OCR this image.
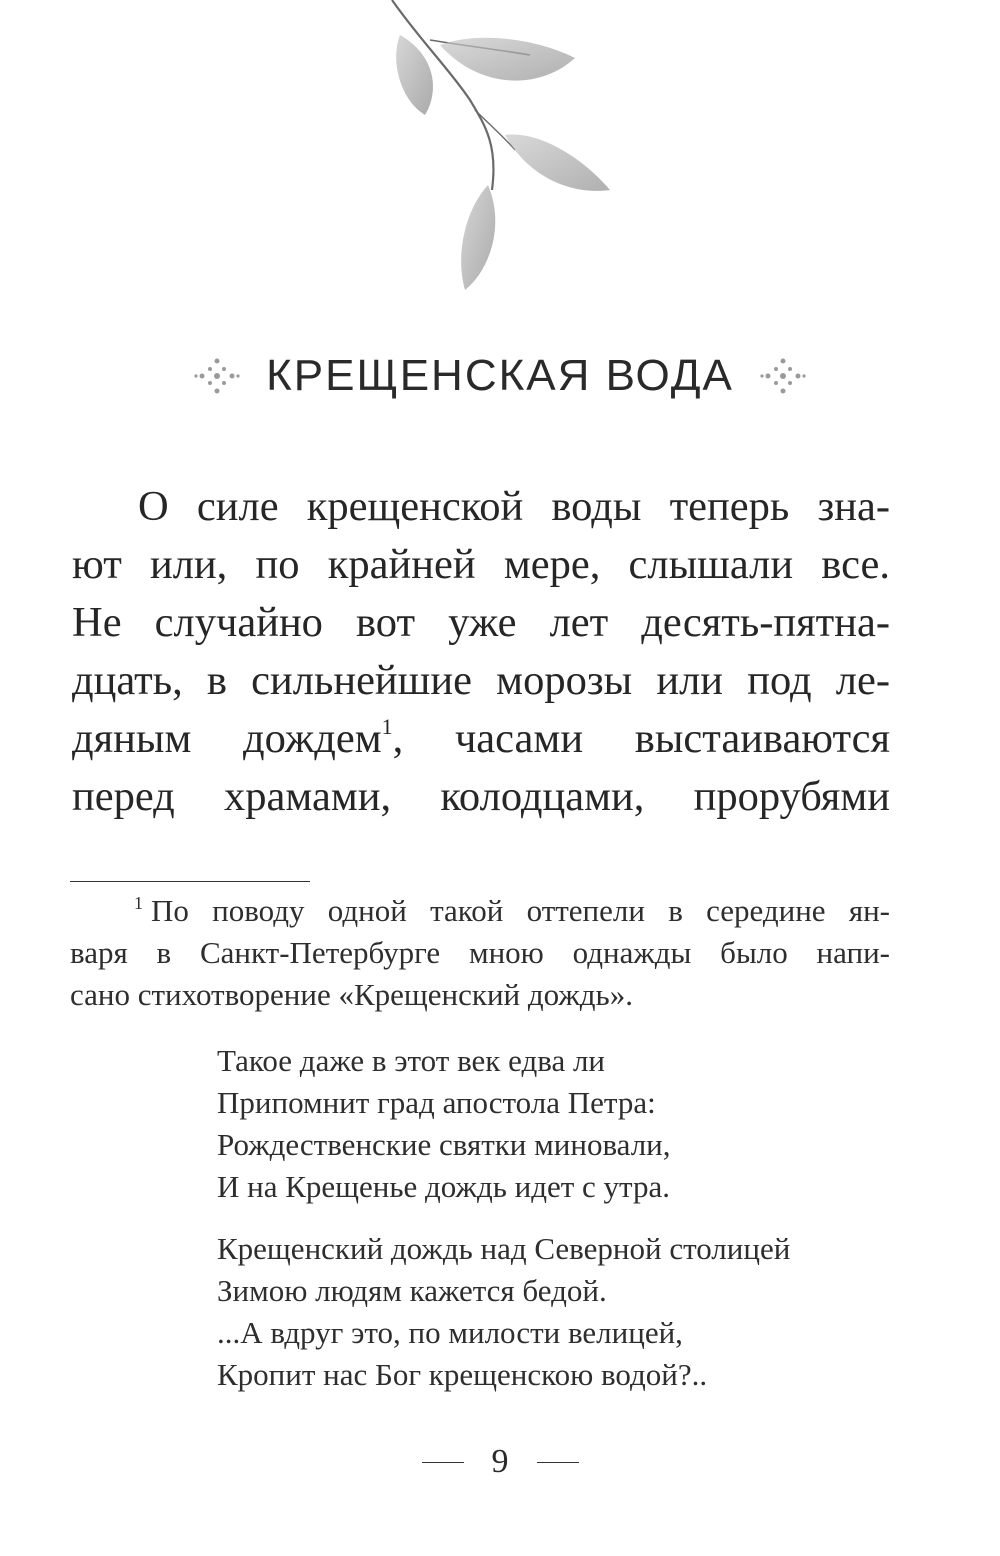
КРЕЩЕНСКАЯ ВОДА
О силе крещенской воды теперь зна-
ют или, по крайней мере, слышали все.
Не случайно вот уже лет десять-пятна-
дцать, в сильнейшие морозы или под ле-
дяным дождем$^1$, часами выстаиваются
перед храмами, колодцами, прорубями
$^1$ По поводу одной такой оттепели в середине ян-
варя в Санкт-Петербурге мною однажды было напи-
сано стихотворение «Крещенский дождь».
Такое даже в этот век едва ли
Припомнит град апостола Петра:
Рождественские святки миновали,
И на Крещенье дождь идет с утра.
Крещенский дождь над Северной столицей
Зимою людям кажется бедой.
...А вдруг это, по милости велицей,
Кропит нас Бог крещенскою водой?..
9
